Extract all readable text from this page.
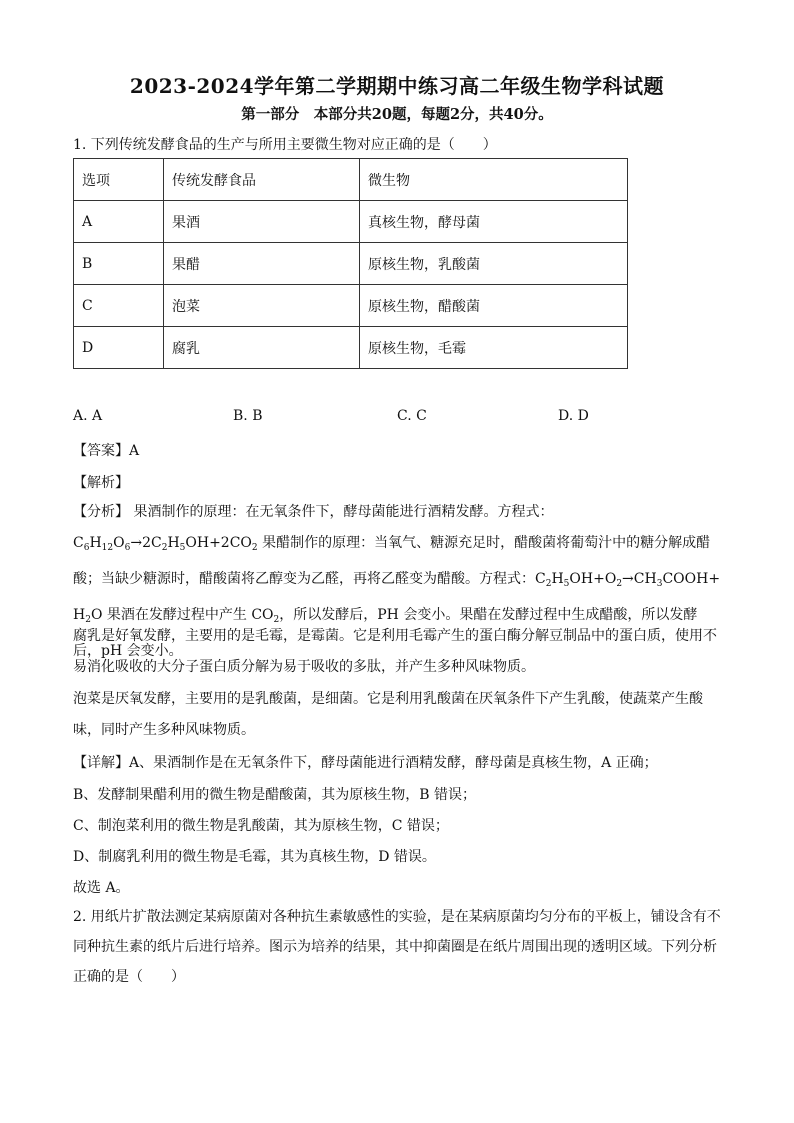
2023-2024学年第二学期期中练习高二年级生物学科试题
第一部分　本部分共20题，每题2分，共40分。
1. 下列传统发酵食品的生产与所用主要微生物对应正确的是（　　）
选项	传统发酵食品	微生物
A	果酒	真核生物，酵母菌
B	果醋	原核生物，乳酸菌
C	泡菜	原核生物，醋酸菌
D	腐乳	原核生物，毛霉
A. A	B. B	C. C	D. D
【答案】A
【解析】
【分析】 果酒制作的原理：在无氧条件下，酵母菌能进行酒精发酵。方程式：$C_6H_{12}O_6\to 2C_2H_5OH+2CO_2$ 果醋制作的原理：当氧气、糖源充足时，醋酸菌将葡萄汁中的糖分解成醋酸；当缺少糖源时，醋酸菌将乙醇变为乙醛，再将乙醛变为醋酸。方程式：$C_2H_5OH+O_2\to CH_3COOH+ H_2O$ 果酒在发酵过程中产生 $CO_2$，所以发酵后，PH 会变小。果醋在发酵过程中生成醋酸，所以发酵后，pH 会变小。
腐乳是好氧发酵，主要用的是毛霉，是霉菌。它是利用毛霉产生的蛋白酶分解豆制品中的蛋白质，使用不易消化吸收的大分子蛋白质分解为易于吸收的多肽，并产生多种风味物质。
泡菜是厌氧发酵，主要用的是乳酸菌，是细菌。它是利用乳酸菌在厌氧条件下产生乳酸，使蔬菜产生酸味，同时产生多种风味物质。
【详解】A、果酒制作是在无氧条件下，酵母菌能进行酒精发酵，酵母菌是真核生物，A 正确；
B、发酵制果醋利用的微生物是醋酸菌，其为原核生物，B 错误；
C、制泡菜利用的微生物是乳酸菌，其为原核生物，C 错误；
D、制腐乳利用的微生物是毛霉，其为真核生物，D 错误。
故选 A。
2. 用纸片扩散法测定某病原菌对各种抗生素敏感性的实验，是在某病原菌均匀分布的平板上，铺设含有不同种抗生素的纸片后进行培养。图示为培养的结果，其中抑菌圈是在纸片周围出现的透明区域。下列分析正确的是（　　）
